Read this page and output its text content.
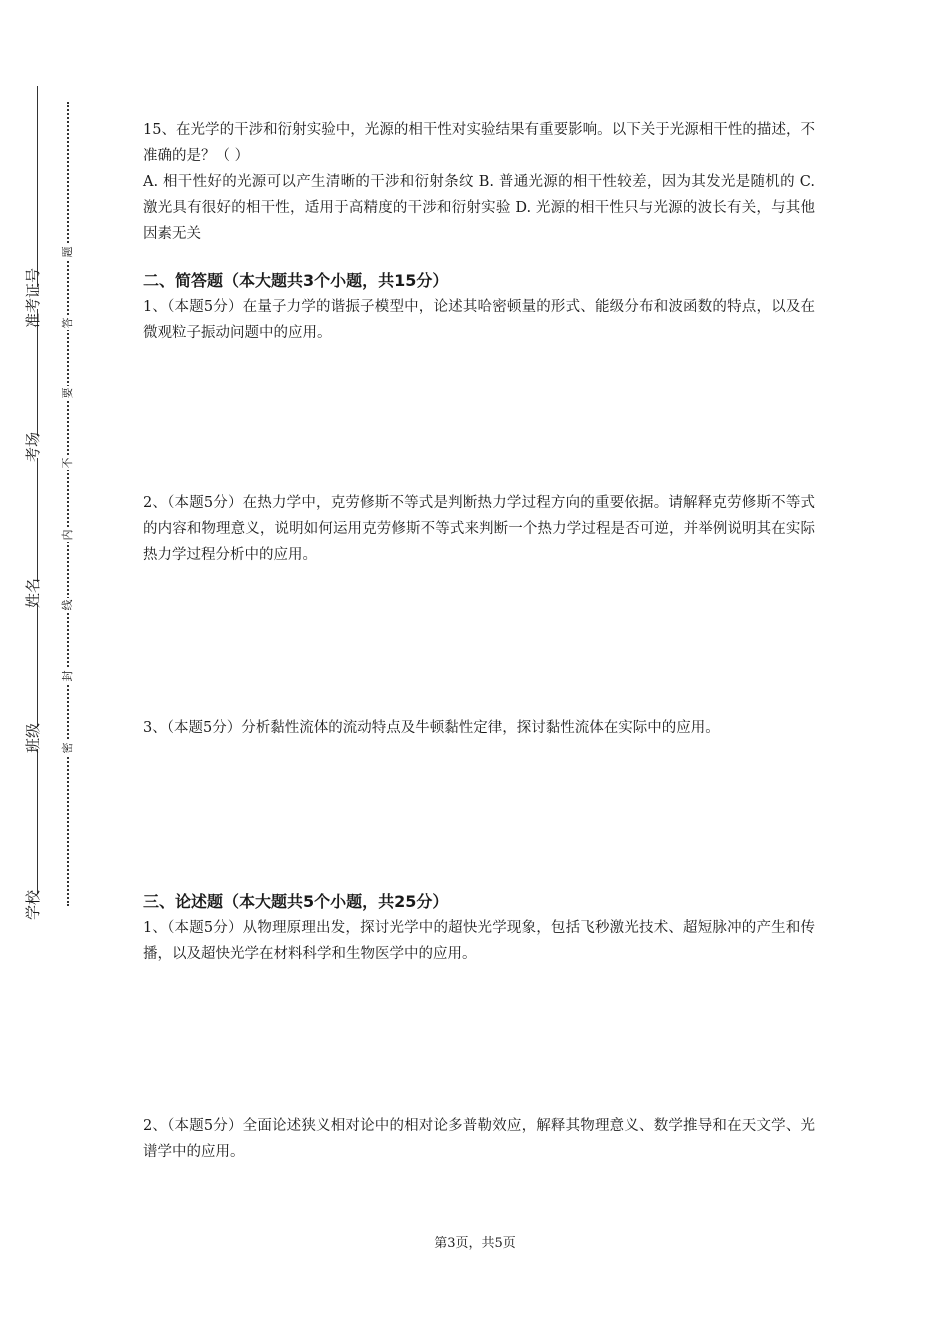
准考证号
考场
姓名
班级
学校
题
答
要
不
内
线
封
密

15、在光学的干涉和衍射实验中，光源的相干性对实验结果有重要影响。以下关于光源相干性的描述，不准确的是？（ ）

A. 相干性好的光源可以产生清晰的干涉和衍射条纹 B. 普通光源的相干性较差，因为其发光是随机的 C. 激光具有很好的相干性，适用于高精度的干涉和衍射实验 D. 光源的相干性只与光源的波长有关，与其他因素无关

二、简答题（本大题共3个小题，共15分）

1、（本题5分）在量子力学的谐振子模型中，论述其哈密顿量的形式、能级分布和波函数的特点，以及在微观粒子振动问题中的应用。

2、（本题5分）在热力学中，克劳修斯不等式是判断热力学过程方向的重要依据。请解释克劳修斯不等式的内容和物理意义，说明如何运用克劳修斯不等式来判断一个热力学过程是否可逆，并举例说明其在实际热力学过程分析中的应用。

3、（本题5分）分析黏性流体的流动特点及牛顿黏性定律，探讨黏性流体在实际中的应用。

三、论述题（本大题共5个小题，共25分）

1、（本题5分）从物理原理出发，探讨光学中的超快光学现象，包括飞秒激光技术、超短脉冲的产生和传播，以及超快光学在材料科学和生物医学中的应用。

2、（本题5分）全面论述狭义相对论中的相对论多普勒效应，解释其物理意义、数学推导和在天文学、光谱学中的应用。

第3页，共5页
